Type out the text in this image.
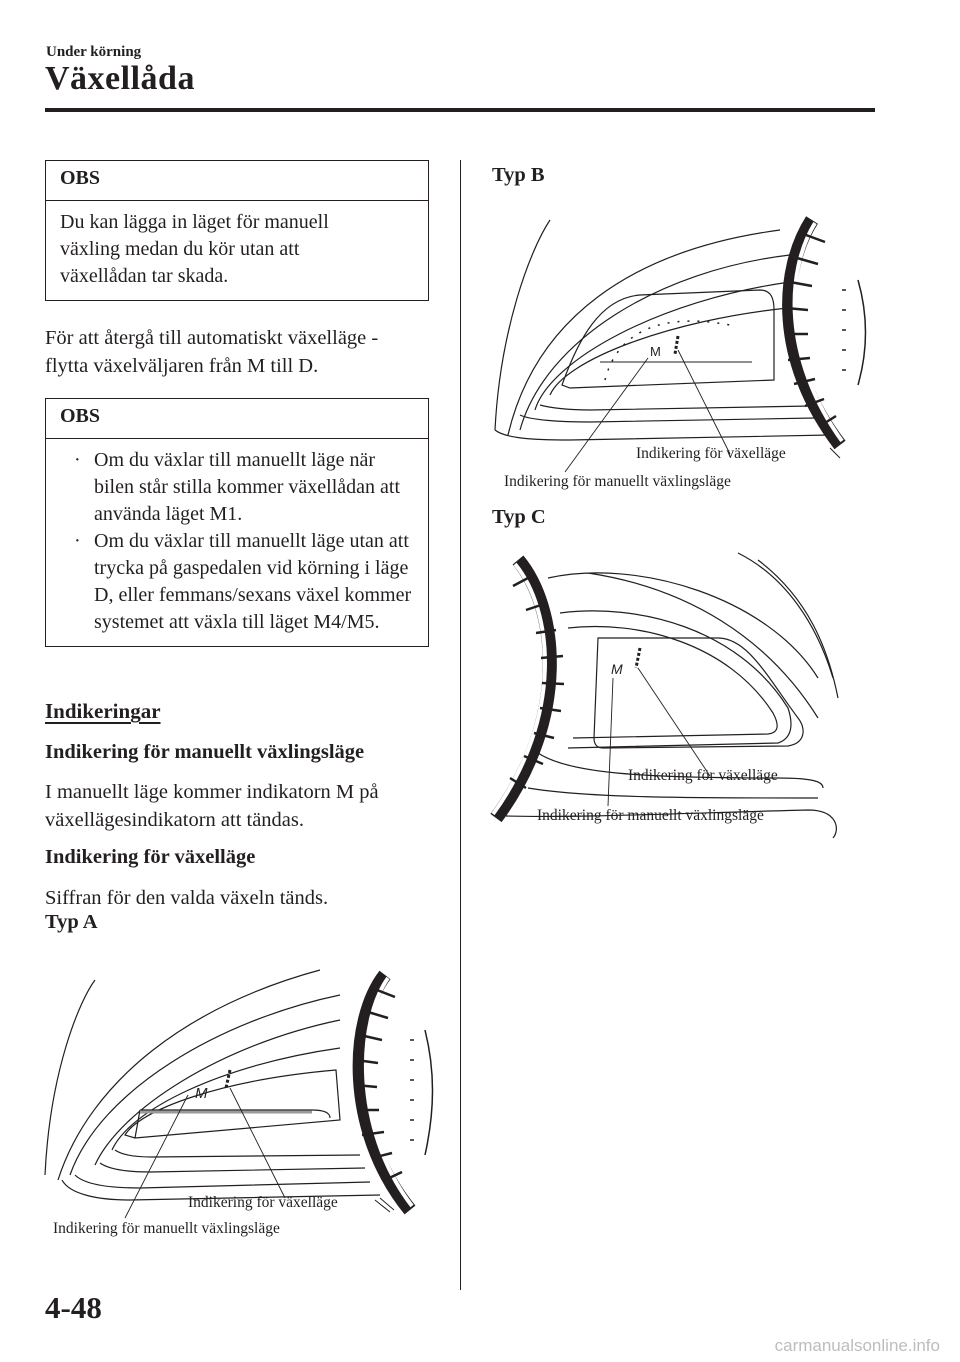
Under körning
Växellåda
OBS
Du kan lägga in läget för manuell växling medan du kör utan att växellådan tar skada.
För att återgå till automatiskt växelläge - flytta växelväljaren från M till D.
OBS
· Om du växlar till manuellt läge när bilen står stilla kommer växellådan att använda läget M1.
· Om du växlar till manuellt läge utan att trycka på gaspedalen vid körning i läge D, eller femmans/sexans växel kommer systemet att växla till läget M4/M5.
Indikeringar
Indikering för manuellt växlingsläge
I manuellt läge kommer indikatorn M på växellägesindikatorn att tändas.
Indikering för växelläge
Siffran för den valda växeln tänds.
Typ A
M
Indikering för växelläge
Indikering för manuellt växlingsläge
Typ B
M
Indikering för växelläge
Indikering för manuellt växlingsläge
Typ C
M
Indikering för växelläge
Indikering för manuellt växlingsläge
4-48
carmanualsonline.info
